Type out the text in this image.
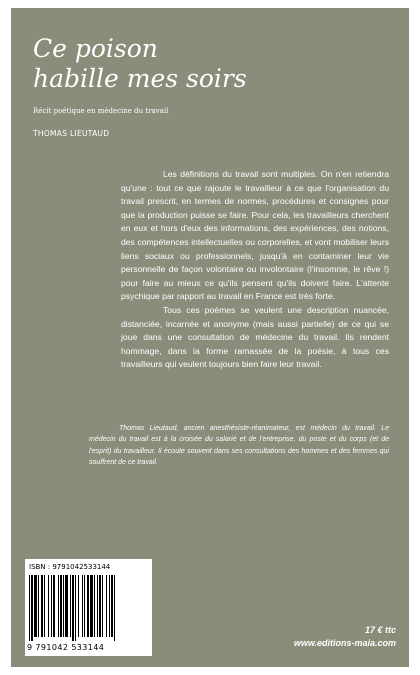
Ce poison
habille mes soirs
Récit poétique en médecine du travail
THOMAS LIEUTAUD

Les définitions du travail sont multiples. On n'en retiendra qu'une : tout ce que rajoute le travailleur à ce que l'organisation du travail prescrit, en termes de normes, procédures et consignes pour que la production puisse se faire. Pour cela, les travailleurs cherchent en eux et hors d'eux des informations, des expériences, des notions, des compétences intellectuelles ou corporelles, et vont mobiliser leurs liens sociaux ou professionnels, jusqu'à en contaminer leur vie personnelle de façon volontaire ou involontaire (l'insomnie, le rêve !) pour faire au mieux ce qu'ils pensent qu'ils doivent faire. L'attente psychique par rapport au travail en France est très forte.

Tous ces poèmes se veulent une description nuancée, distanciée, incarnée et anonyme (mais aussi partielle) de ce qui se joue dans une consultation de médecine du travail. Ils rendent hommage, dans la forme ramassée de la poésie, à tous ces travailleurs qui veulent toujours bien faire leur travail.

Thomas Lieutaud, ancien anesthésiste-réanimateur, est médecin du travail. Le médecin du travail est à la croisée du salarié et de l'entreprise, du poste et du corps (et de l'esprit) du travailleur. Il écoute souvent dans ses consultations des hommes et des femmes qui souffrent de ce travail.
ISBN : 9791042533144
9 791042 533144
17 € ttc
www.editions-maia.com
